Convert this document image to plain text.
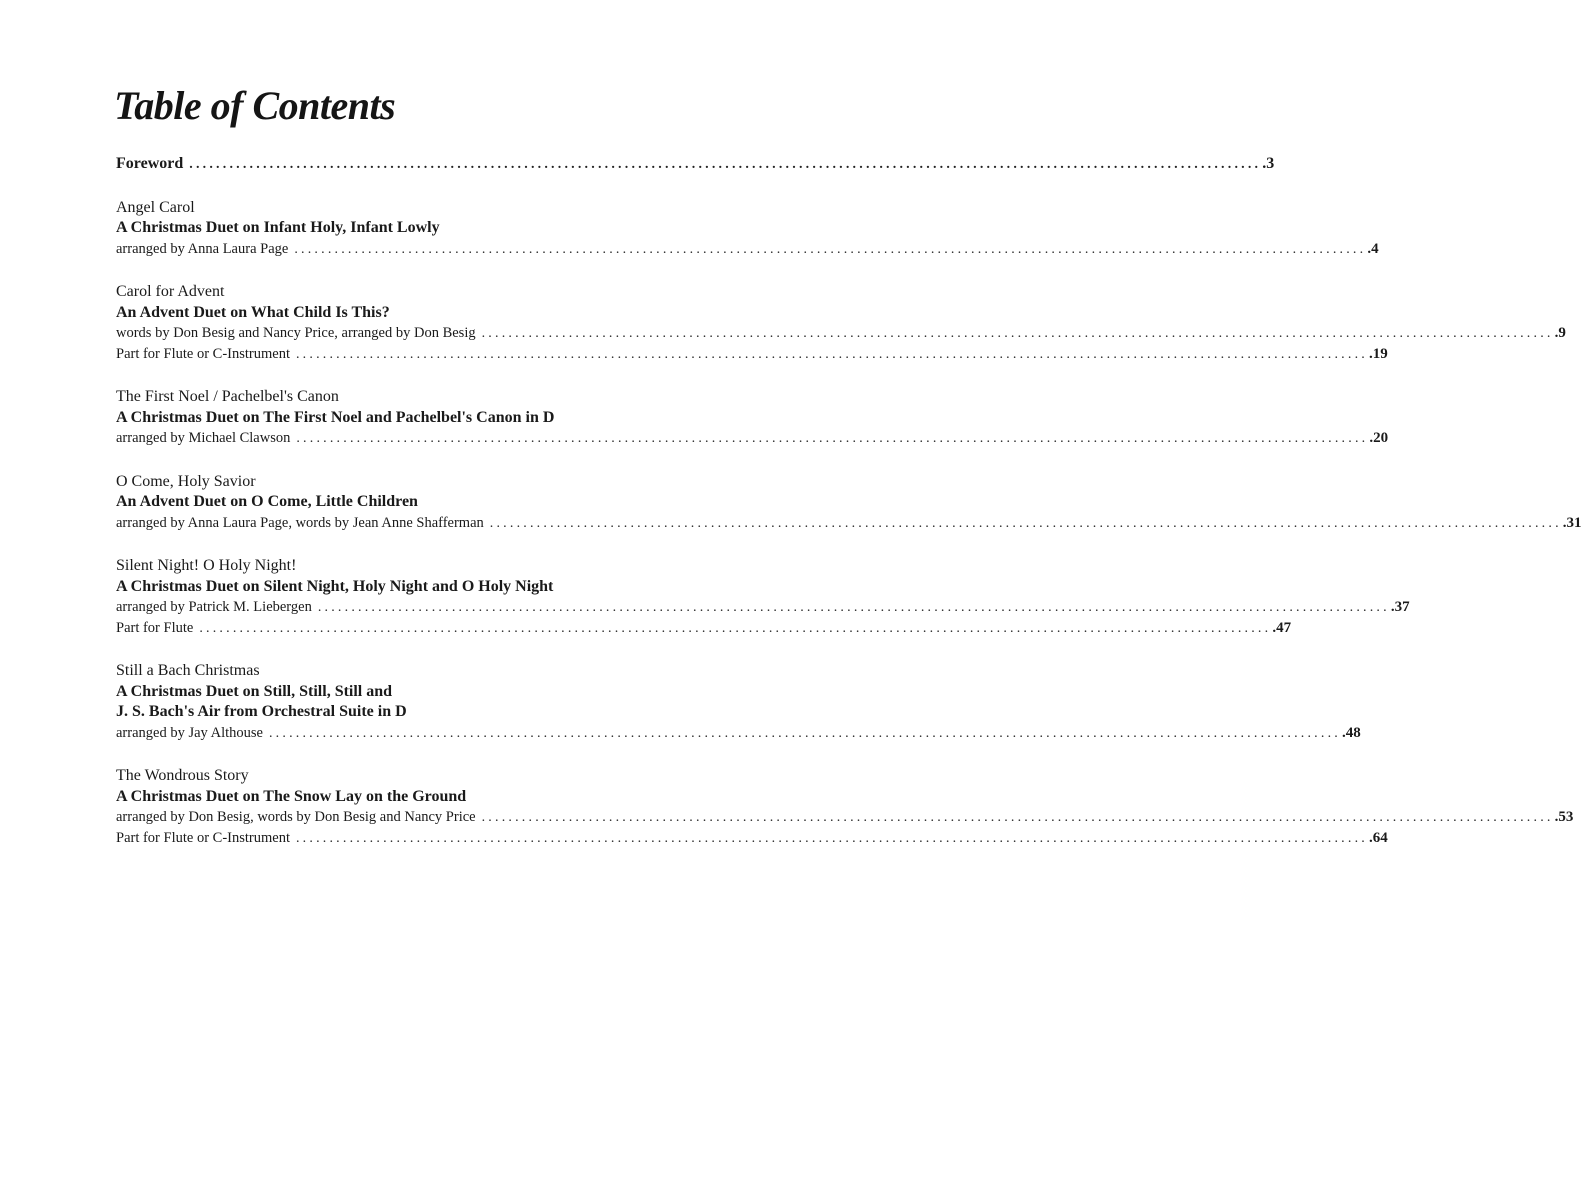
Table of Contents
Foreword ................................................................................................................................................................ .3
Angel Carol
A Christmas Duet on Infant Holy, Infant Lowly
arranged by Anna Laura Page ................................................................................................................................................................ .4
Carol for Advent
An Advent Duet on What Child Is This?
words by Don Besig and Nancy Price, arranged by Don Besig ................................................................................................................................................................ .9
Part for Flute or C-Instrument ................................................................................................................................................................ .19
The First Noel / Pachelbel's Canon
A Christmas Duet on The First Noel and Pachelbel's Canon in D
arranged by Michael Clawson ................................................................................................................................................................ .20
O Come, Holy Savior
An Advent Duet on O Come, Little Children
arranged by Anna Laura Page, words by Jean Anne Shafferman ................................................................................................................................................................ .31
Silent Night! O Holy Night!
A Christmas Duet on Silent Night, Holy Night and O Holy Night
arranged by Patrick M. Liebergen ................................................................................................................................................................ .37
Part for Flute ................................................................................................................................................................ .47
Still a Bach Christmas
A Christmas Duet on Still, Still, Still and
J. S. Bach's Air from Orchestral Suite in D
arranged by Jay Althouse ................................................................................................................................................................ .48
The Wondrous Story
A Christmas Duet on The Snow Lay on the Ground
arranged by Don Besig, words by Don Besig and Nancy Price ................................................................................................................................................................ .53
Part for Flute or C-Instrument ................................................................................................................................................................ .64
